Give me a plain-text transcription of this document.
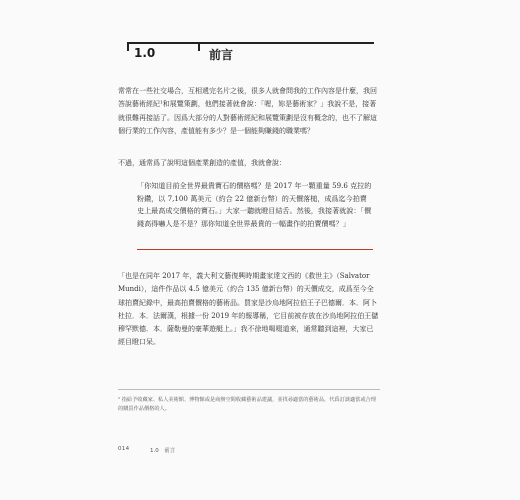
1.0	前言

常常在一些社交場合，互相遞完名片之後，很多人就會問我的工作內容是什麼，我回答說藝術經紀¹和展覽策劃，他們接著就會說：「喔，妳是藝術家？」我說不是，接著就很難再接話了。因爲大部分的人對藝術經紀和展覽策劃是沒有概念的，也不了解這個行業的工作內容，產值能有多少？是一個能夠賺錢的職業嗎？

不過，通常爲了說明這個產業創造的產值，我就會說：

「你知道目前全世界最貴寶石的價格嗎？是 2017 年一顆重量 59.6 克拉的粉鑽，以 7,100 萬美元（約合 22 億新台幣）的天價落槌，成爲迄今拍賣史上最高成交價格的寶石。」大家一聽就瞪目結舌。然後，我接著就說：「價錢高得嚇人是不是？那你知道全世界最貴的一幅畫作的拍賣價嗎？」

「也是在同年 2017 年，義大利文藝復興時期畫家達文西的《救世主》（Salvator Mundi），這件作品以 4.5 億美元（約合 135 億新台幣）的天價成交，成爲至今全球拍賣紀錄中，最高拍賣價格的藝術品。買家是沙烏地阿拉伯王子巴德爾．本．阿卜杜拉．本．法爾漢，根據一份 2019 年的報導稱，它目前被存放在沙烏地阿拉伯王儲穆罕默德．本．薩勒曼的豪華遊艇上。」我不徐地喝啜道來，通常聽到這裡，大家已經目瞪口呆。

¹ 指給予收藏家、私人美術館、博物館或是商辦空間收藏藝術品建議，並找尋適當的藝術品，代爲訂談適當或合理的購買作品價格的人。

014	1.0　前言
